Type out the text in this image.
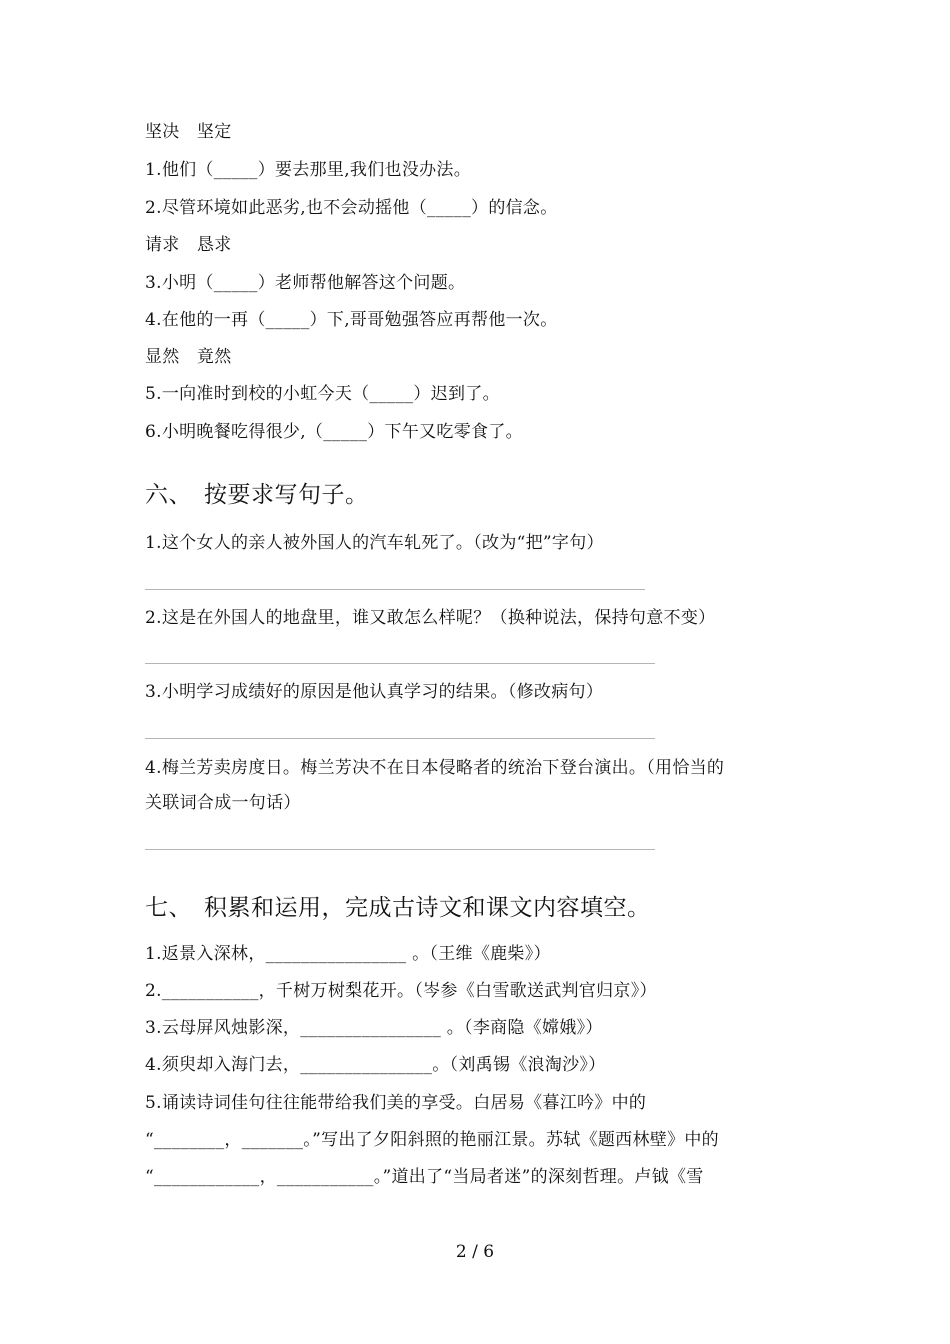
坚决　坚定
1.他们（_____）要去那里,我们也没办法。
2.尽管环境如此恶劣,也不会动摇他（_____）的信念。
请求　恳求
3.小明（_____）老师帮他解答这个问题。
4.在他的一再（_____）下,哥哥勉强答应再帮他一次。
显然　竟然
5.一向准时到校的小虹今天（_____）迟到了。
6.小明晚餐吃得很少,（_____）下午又吃零食了。
六、　按要求写句子。
1.这个女人的亲人被外国人的汽车轧死了。（改为“把”字句）
2.这是在外国人的地盘里，谁又敢怎么样呢？（换种说法，保持句意不变）
3.小明学习成绩好的原因是他认真学习的结果。（修改病句）
4.梅兰芳卖房度日。梅兰芳决不在日本侵略者的统治下登台演出。（用恰当的
关联词合成一句话）
七、　积累和运用，完成古诗文和课文内容填空。
1.返景入深林，________________ 。（王维《鹿柴》）
2.___________，千树万树梨花开。（岑参《白雪歌送武判官归京》）
3.云母屏风烛影深，________________ 。（李商隐《嫦娥》）
4.须臾却入海门去，_______________。（刘禹锡《浪淘沙》）
5.诵读诗词佳句往往能带给我们美的享受。白居易《暮江吟》中的
“________，_______。”写出了夕阳斜照的艳丽江景。苏轼《题西林壁》中的
“____________，___________。”道出了“当局者迷”的深刻哲理。卢钺《雪
2 / 6
